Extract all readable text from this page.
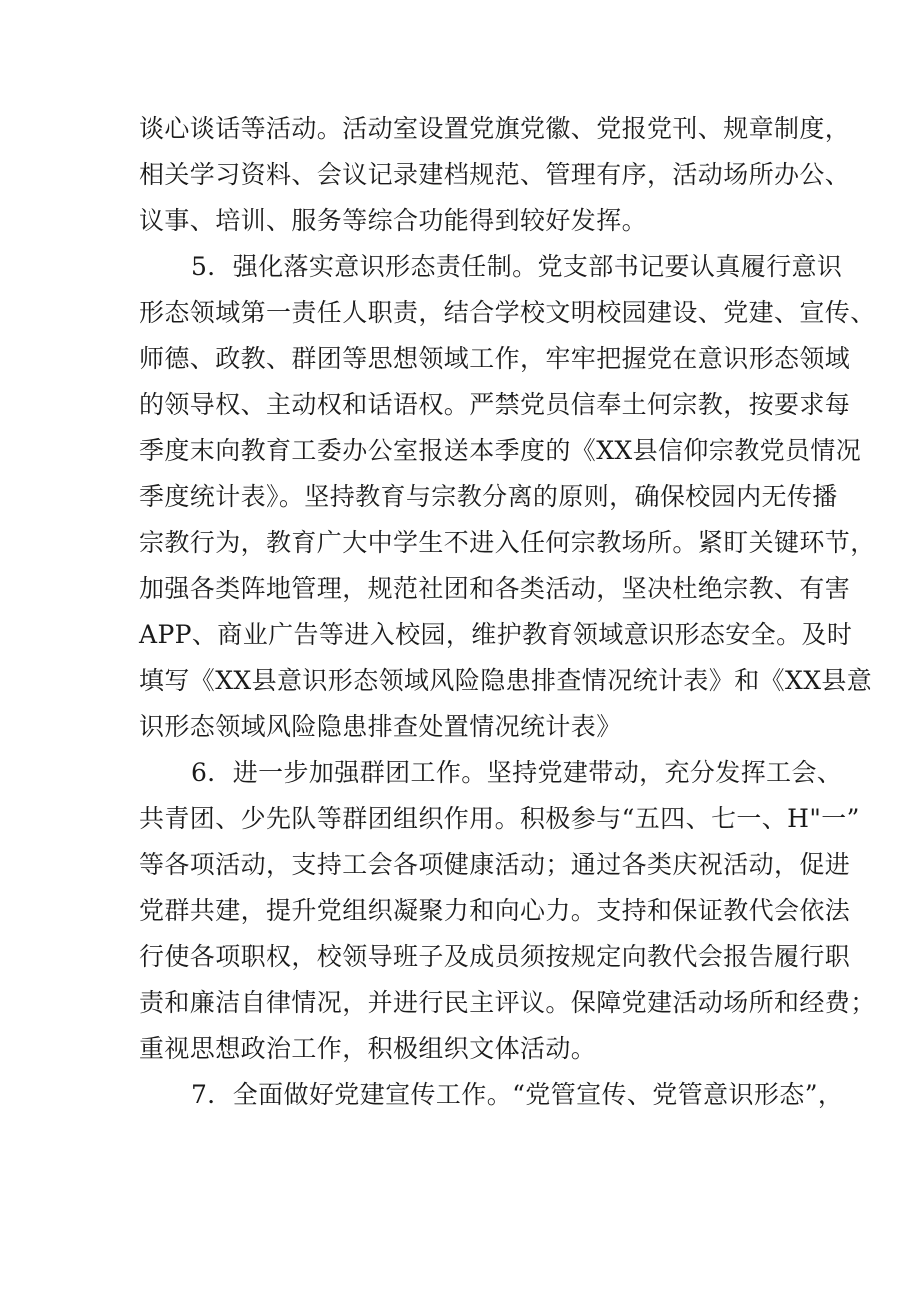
谈心谈话等活动。活动室设置党旗党徽、党报党刊、规章制度，
相关学习资料、会议记录建档规范、管理有序，活动场所办公、
议事、培训、服务等综合功能得到较好发挥。
5．强化落实意识形态责任制。党支部书记要认真履行意识
形态领域第一责任人职责，结合学校文明校园建设、党建、宣传、
师德、政教、群团等思想领域工作，牢牢把握党在意识形态领域
的领导权、主动权和话语权。严禁党员信奉土何宗教，按要求每
季度末向教育工委办公室报送本季度的《XX县信仰宗教党员情况
季度统计表》。坚持教育与宗教分离的原则，确保校园内无传播
宗教行为，教育广大中学生不进入任何宗教场所。紧盯关键环节，
加强各类阵地管理，规范社团和各类活动，坚决杜绝宗教、有害
APP、商业广告等进入校园，维护教育领域意识形态安全。及时
填写《XX县意识形态领域风险隐患排查情况统计表》和《XX县意
识形态领域风险隐患排查处置情况统计表》
6．进一步加强群团工作。坚持党建带动，充分发挥工会、
共青团、少先队等群团组织作用。积极参与“五四、七一、H"一”
等各项活动，支持工会各项健康活动；通过各类庆祝活动，促进
党群共建，提升党组织凝聚力和向心力。支持和保证教代会依法
行使各项职权，校领导班子及成员须按规定向教代会报告履行职
责和廉洁自律情况，并进行民主评议。保障党建活动场所和经费；
重视思想政治工作，积极组织文体活动。
7．全面做好党建宣传工作。“党管宣传、党管意识形态”，
